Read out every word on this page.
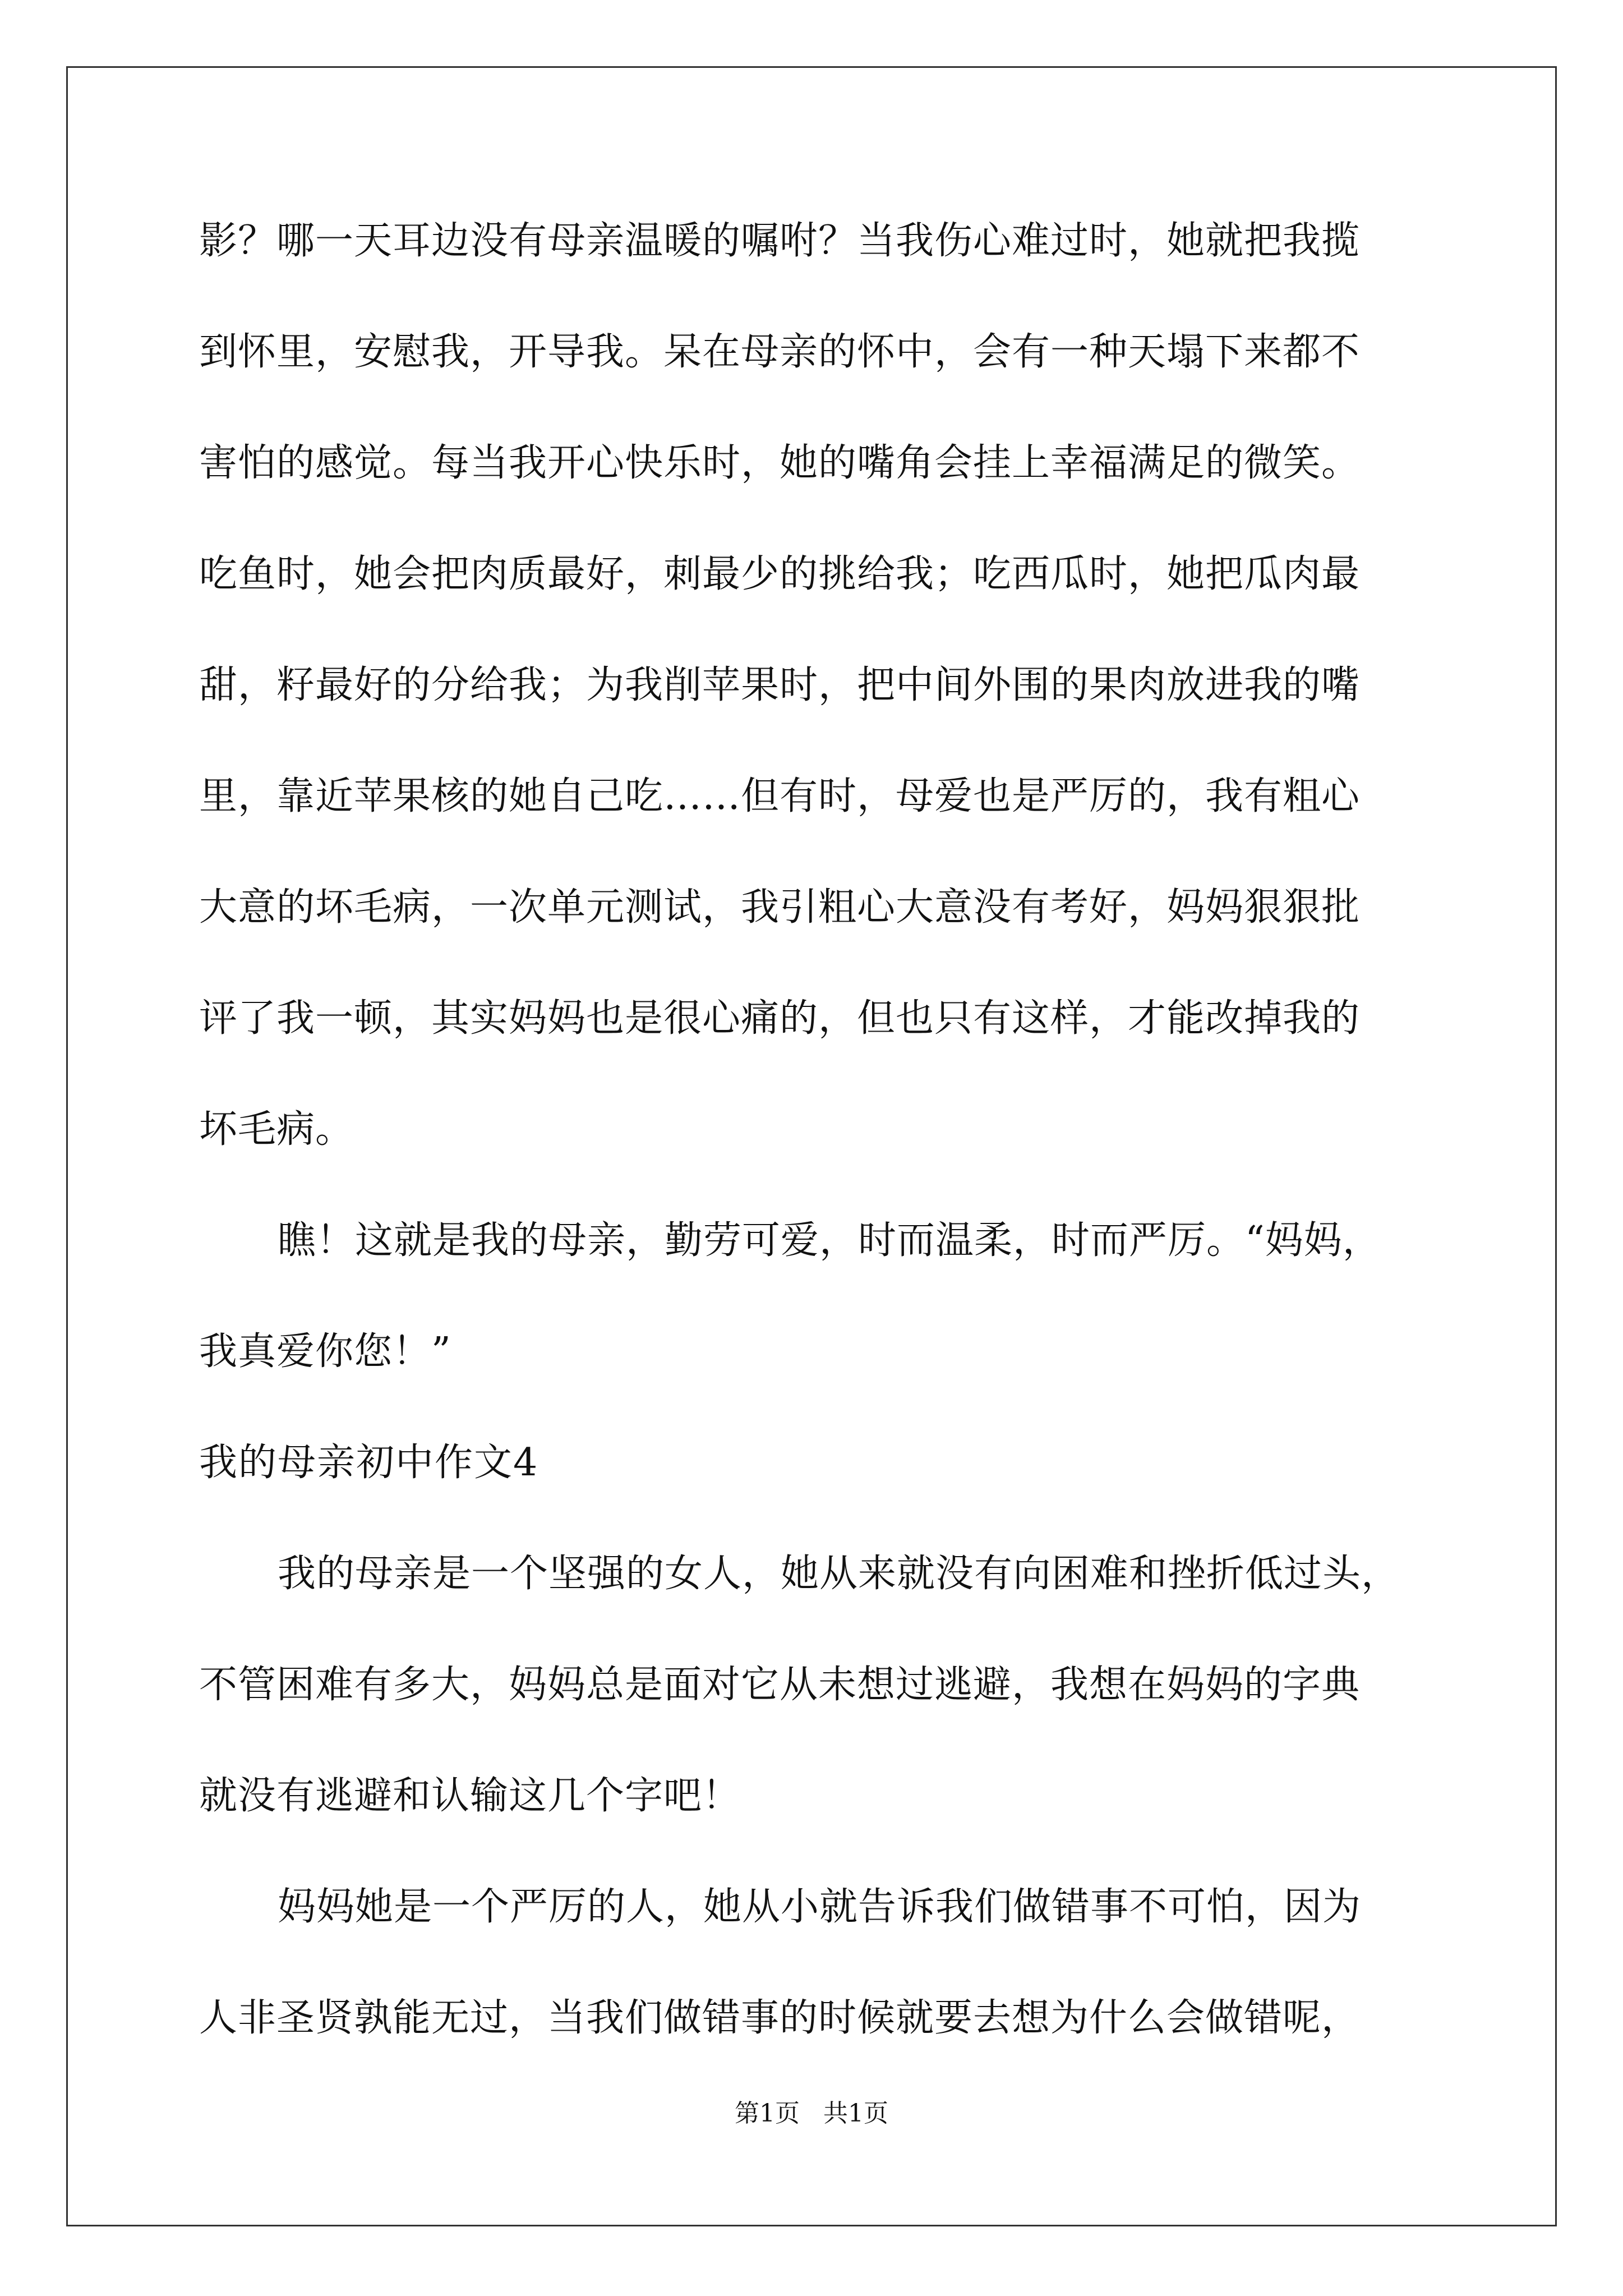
影？哪一天耳边没有母亲温暖的嘱咐？当我伤心难过时，她就把我揽
到怀里，安慰我，开导我。呆在母亲的怀中，会有一种天塌下来都不
害怕的感觉。每当我开心快乐时，她的嘴角会挂上幸福满足的微笑。
吃鱼时，她会把肉质最好，刺最少的挑给我；吃西瓜时，她把瓜肉最
甜，籽最好的分给我；为我削苹果时，把中间外围的果肉放进我的嘴
里，靠近苹果核的她自己吃……但有时，母爱也是严厉的，我有粗心
大意的坏毛病，一次单元测试，我引粗心大意没有考好，妈妈狠狠批
评了我一顿，其实妈妈也是很心痛的，但也只有这样，才能改掉我的
坏毛病。
瞧！这就是我的母亲，勤劳可爱，时而温柔，时而严厉。“妈妈，
我真爱你您！”
我的母亲初中作文4
我的母亲是一个坚强的女人，她从来就没有向困难和挫折低过头，
不管困难有多大，妈妈总是面对它从未想过逃避，我想在妈妈的字典
就没有逃避和认输这几个字吧！
妈妈她是一个严厉的人，她从小就告诉我们做错事不可怕，因为
人非圣贤孰能无过，当我们做错事的时候就要去想为什么会做错呢，
第1页   共1页
